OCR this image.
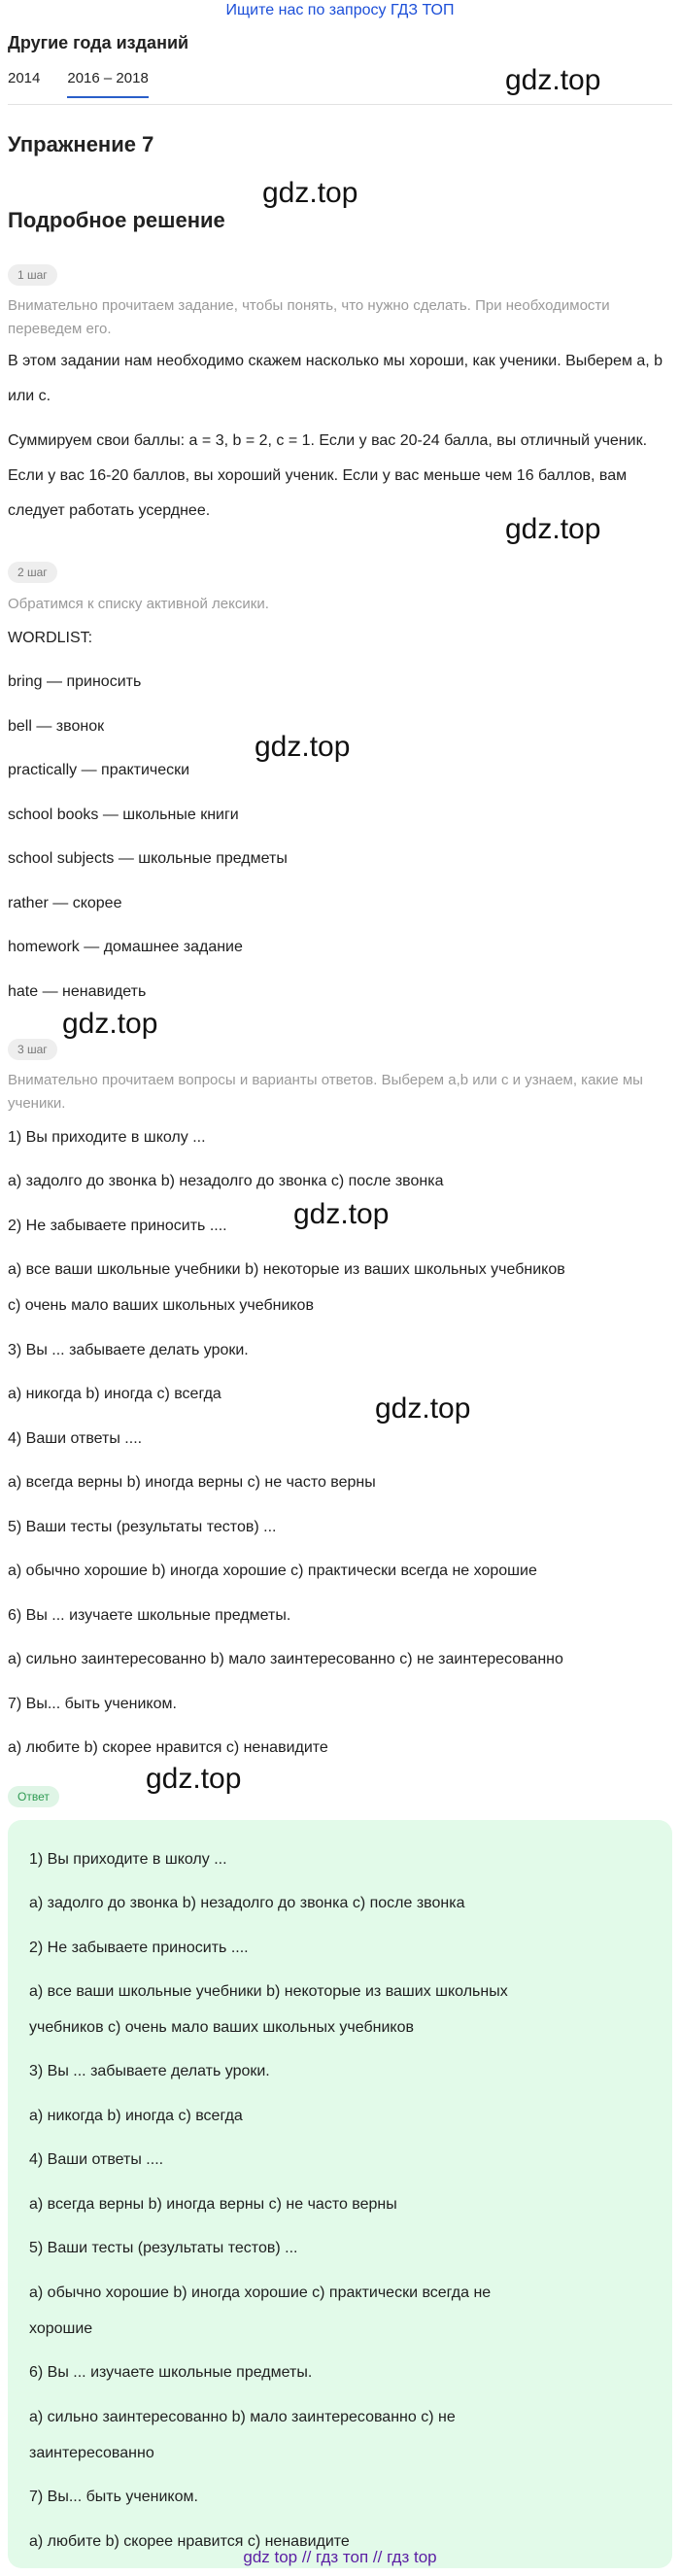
Ищите нас по запросу ГДЗ ТОП
Другие года изданий
2014 2016 – 2018	gdz.top
gdz.top
gdz.top
gdz.top
gdz.top
gdz.top
gdz.top
gdz.top
Упражнение 7
Подробное решение
1 шаг
Внимательно прочитаем задание, чтобы понять, что нужно сделать. При необходимости переведем его.
В этом задании нам необходимо скажем насколько мы хороши, как ученики. Выберем a, b или с.
Суммируем свои баллы: a = 3, b = 2, c = 1. Если у вас 20-24 балла, вы отличный ученик. Если у вас 16-20 баллов, вы хороший ученик. Если у вас меньше чем 16 баллов, вам следует работать усерднее.
2 шаг
Обратимся к списку активной лексики.
WORDLIST:
bring — приносить
bell — звонок
practically — практически
school books — школьные книги
school subjects — школьные предметы
rather — скорее
homework — домашнее задание
hate — ненавидеть
3 шаг
Внимательно прочитаем вопросы и варианты ответов. Выберем a,b или c и узнаем, какие мы ученики.
1) Вы приходите в школу ...
a) задолго до звонка b) незадолго до звонка c) после звонка
2) Не забываете приносить ....
a) все ваши школьные учебники b) некоторые из ваших школьных учебников
c) очень мало ваших школьных учебников
3) Вы ... забываете делать уроки.
a) никогда b) иногда c) всегда
4) Ваши ответы ....
a) всегда верны b) иногда верны c) не часто верны
5) Ваши тесты (результаты тестов) ...
a) обычно хорошие b) иногда хорошие c) практически всегда не хорошие
6) Вы ... изучаете школьные предметы.
a) сильно заинтересованно b) мало заинтересованно c) не заинтересованно
7) Вы... быть учеником.
a) любите b) скорее нравится c) ненавидите
Ответ
1) Вы приходите в школу ...
a) задолго до звонка b) незадолго до звонка c) после звонка
2) Не забываете приносить ....
a) все ваши школьные учебники b) некоторые из ваших школьных
учебников c) очень мало ваших школьных учебников
3) Вы ... забываете делать уроки.
a) никогда b) иногда c) всегда
4) Ваши ответы ....
a) всегда верны b) иногда верны c) не часто верны
5) Ваши тесты (результаты тестов) ...
a) обычно хорошие b) иногда хорошие c) практически всегда не
хорошие
6) Вы ... изучаете школьные предметы.
a) сильно заинтересованно b) мало заинтересованно c) не
заинтересованно
7) Вы... быть учеником.
a) любите b) скорее нравится c) ненавидите
gdz top // гдз топ // гдз top
